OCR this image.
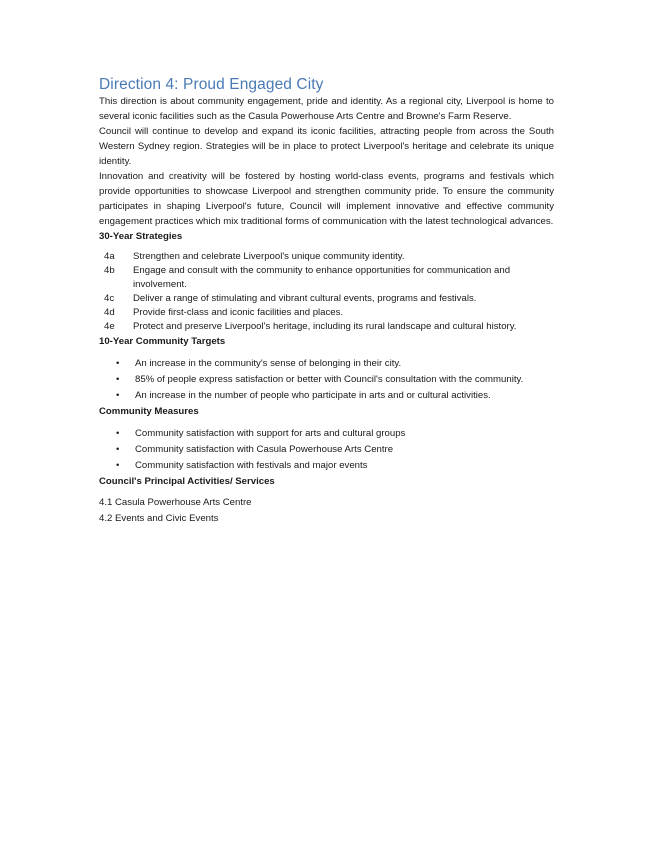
Direction 4: Proud Engaged City

This direction is about community engagement, pride and identity. As a regional city, Liverpool is home to several iconic facilities such as the Casula Powerhouse Arts Centre and Browne's Farm Reserve.

Council will continue to develop and expand its iconic facilities, attracting people from across the South Western Sydney region. Strategies will be in place to protect Liverpool's heritage and celebrate its unique identity.

Innovation and creativity will be fostered by hosting world-class events, programs and festivals which provide opportunities to showcase Liverpool and strengthen community pride. To ensure the community participates in shaping Liverpool's future, Council will implement innovative and effective community engagement practices which mix traditional forms of communication with the latest technological advances.

30-Year Strategies
4a	Strengthen and celebrate Liverpool's unique community identity.
4b	Engage and consult with the community to enhance opportunities for communication and involvement.
4c	Deliver a range of stimulating and vibrant cultural events, programs and festivals.
4d	Provide first-class and iconic facilities and places.
4e	Protect and preserve Liverpool's heritage, including its rural landscape and cultural history.
10-Year Community Targets
•	An increase in the community's sense of belonging in their city.
•	85% of people express satisfaction or better with Council's consultation with the community.
•	An increase in the number of people who participate in arts and or cultural activities.
Community Measures
•	Community satisfaction with support for arts and cultural groups
•	Community satisfaction with Casula Powerhouse Arts Centre
•	Community satisfaction with festivals and major events
Council's Principal Activities/ Services
4.1 Casula Powerhouse Arts Centre
4.2 Events and Civic Events
